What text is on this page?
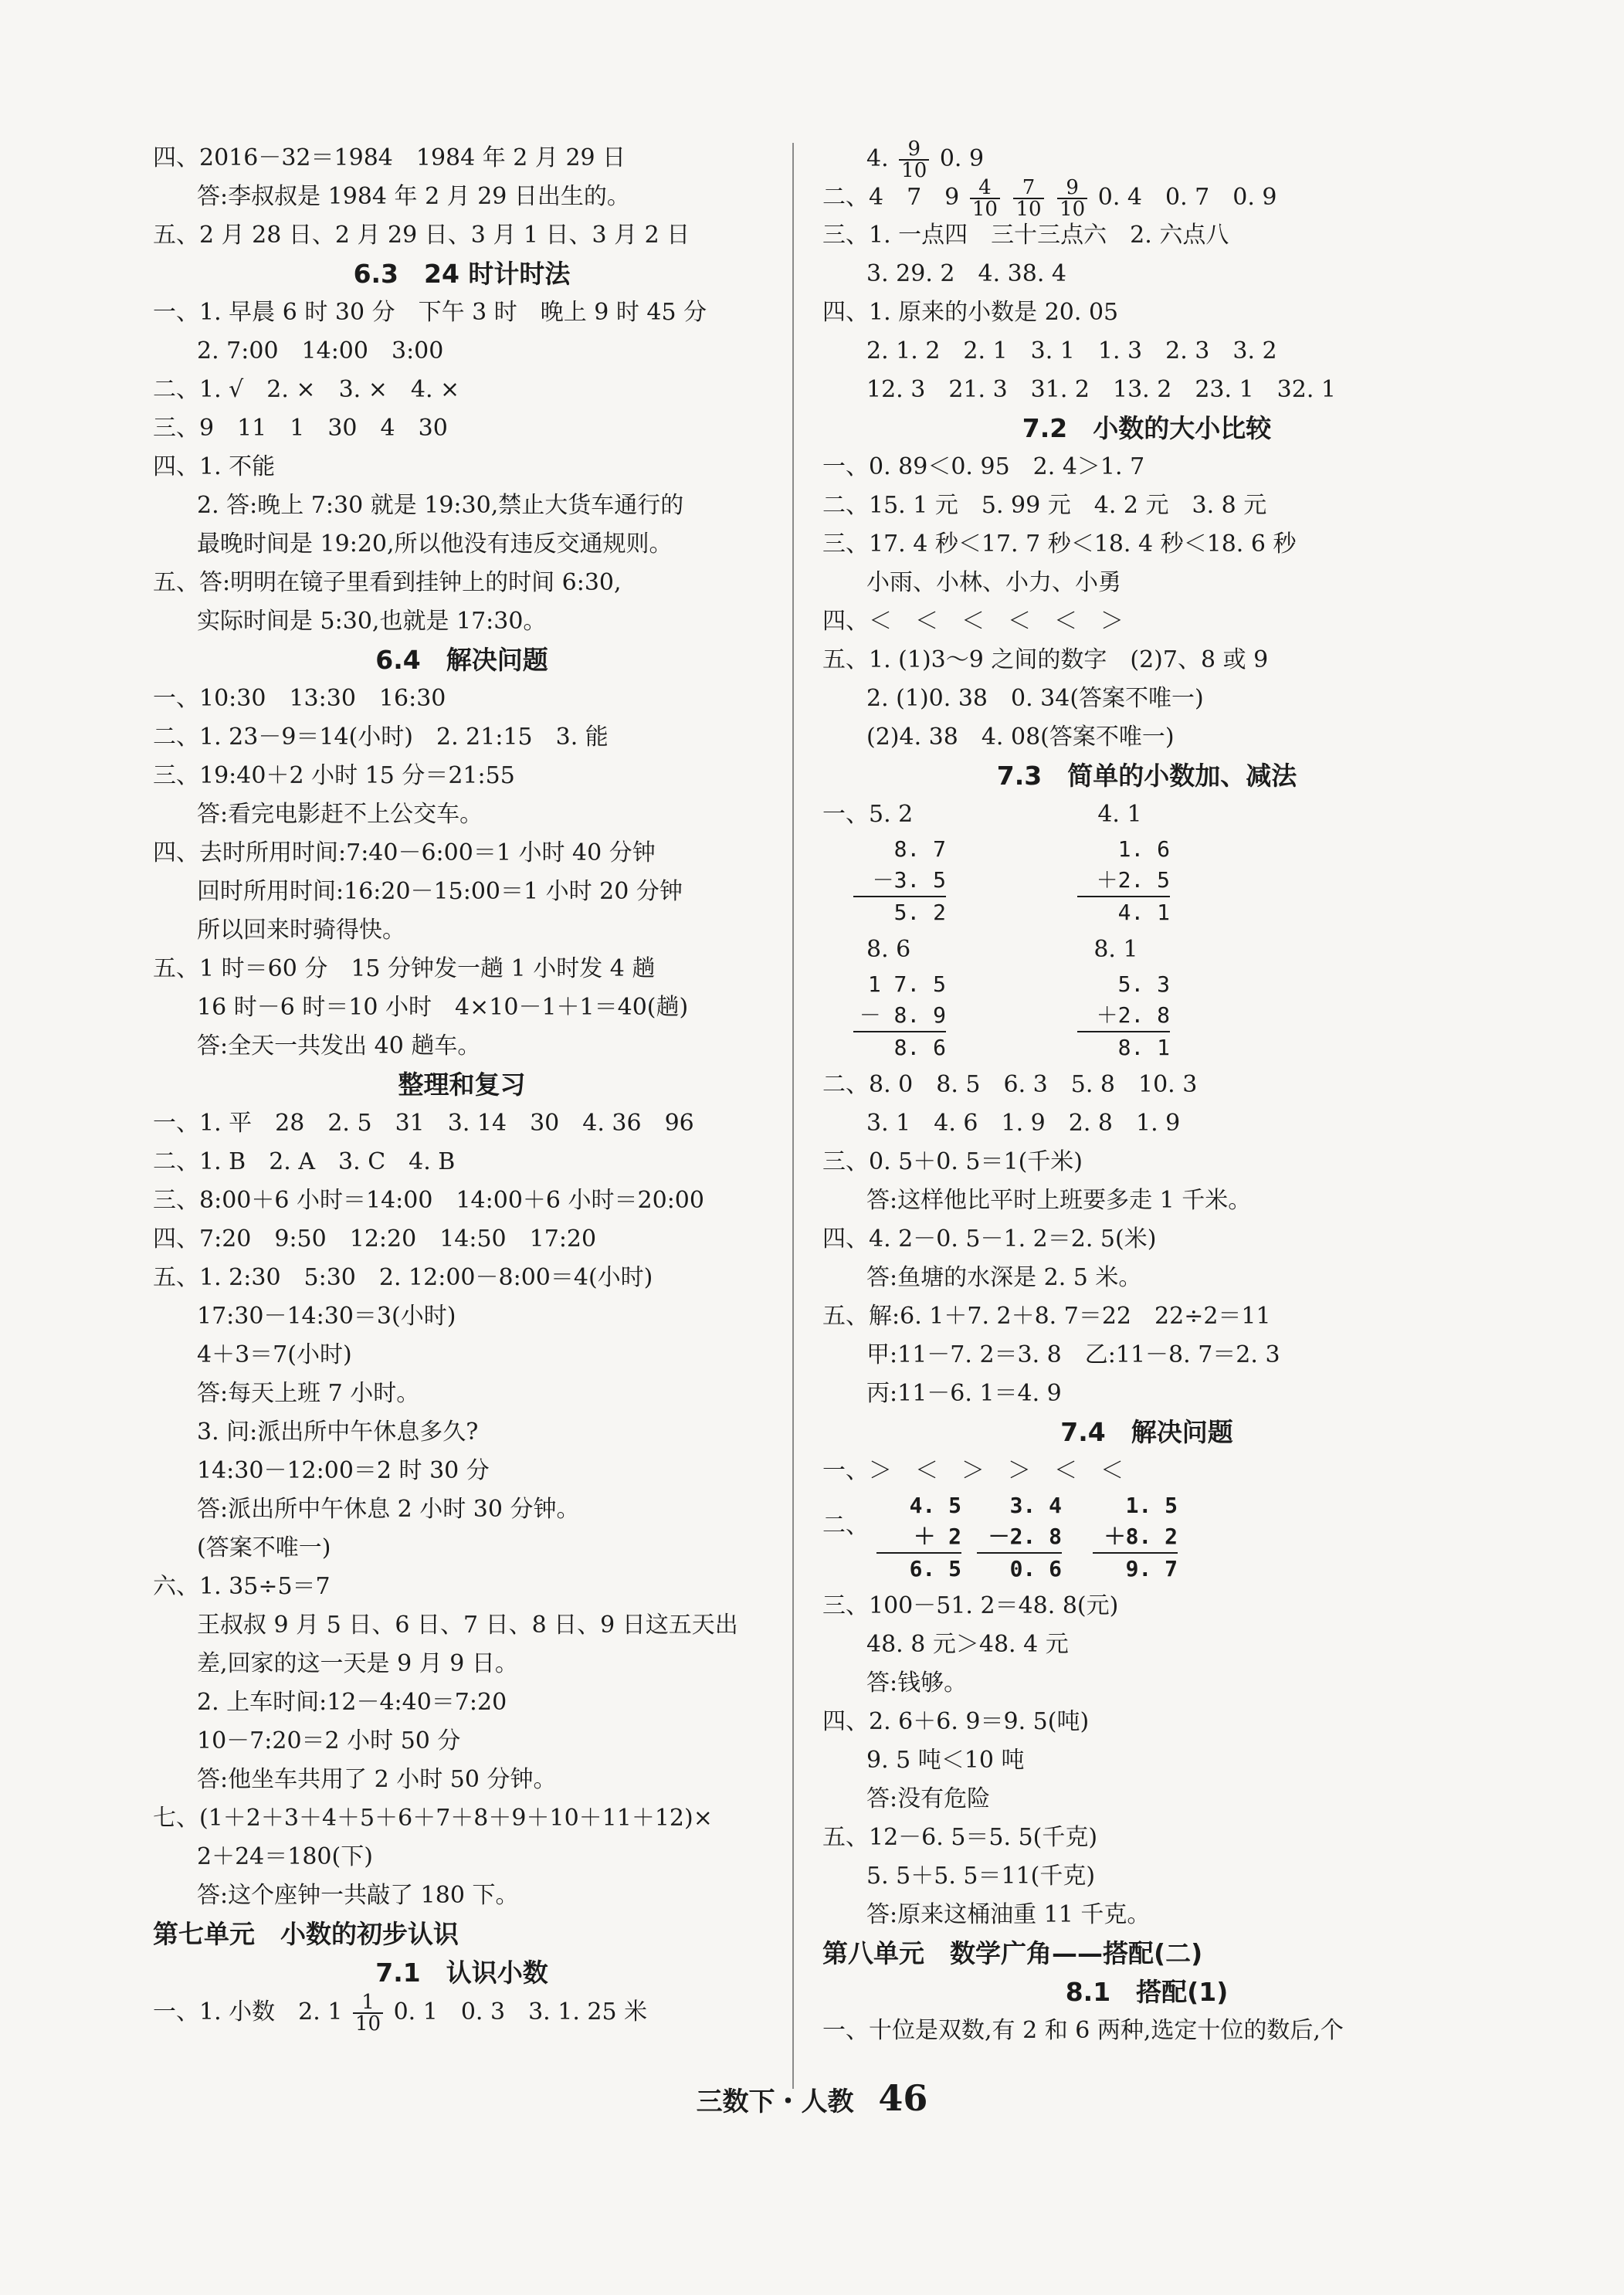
四、2016－32＝1984　1984 年 2 月 29 日
答:李叔叔是 1984 年 2 月 29 日出生的。
五、2 月 28 日、2 月 29 日、3 月 1 日、3 月 2 日
6.3　24 时计时法
一、1. 早晨 6 时 30 分　下午 3 时　晚上 9 时 45 分
2. 7:00　14:00　3:00
二、1. √　2. ×　3. ×　4. ×
三、9　11　1　30　4　30
四、1. 不能
2. 答:晚上 7:30 就是 19:30,禁止大货车通行的
最晚时间是 19:20,所以他没有违反交通规则。
五、答:明明在镜子里看到挂钟上的时间 6:30,
实际时间是 5:30,也就是 17:30。
6.4　解决问题
一、10:30　13:30　16:30
二、1. 23－9＝14(小时)　2. 21:15　3. 能
三、19:40＋2 小时 15 分＝21:55
答:看完电影赶不上公交车。
四、去时所用时间:7:40－6:00＝1 小时 40 分钟
回时所用时间:16:20－15:00＝1 小时 20 分钟
所以回来时骑得快。
五、1 时＝60 分　15 分钟发一趟 1 小时发 4 趟
16 时－6 时＝10 小时　4×10－1＋1＝40(趟)
答:全天一共发出 40 趟车。
整理和复习
一、1. 平　28　2. 5　31　3. 14　30　4. 36　96
二、1. B　2. A　3. C　4. B
三、8:00＋6 小时＝14:00　14:00＋6 小时＝20:00
四、7:20　9:50　12:20　14:50　17:20
五、1. 2:30　5:30　2. 12:00－8:00＝4(小时)
17:30－14:30＝3(小时)
4＋3＝7(小时)
答:每天上班 7 小时。
3. 问:派出所中午休息多久?
14:30－12:00＝2 时 30 分
答:派出所中午休息 2 小时 30 分钟。
(答案不唯一)
六、1. 35÷5＝7
王叔叔 9 月 5 日、6 日、7 日、8 日、9 日这五天出
差,回家的这一天是 9 月 9 日。
2. 上车时间:12－4:40＝7:20
10－7:20＝2 小时 50 分
答:他坐车共用了 2 小时 50 分钟。
七、(1＋2＋3＋4＋5＋6＋7＋8＋9＋10＋11＋12)×
2＋24＝180(下)
答:这个座钟一共敲了 180 下。
第七单元　小数的初步认识
7.1　认识小数
一、1. 小数　2. $1 \frac{1}{10} 0$. 1　0. 3　3. 1. 25 米
4. $\frac{9}{10} 0$. 9
二、4　7　$9 \frac{4}{10}$
$\frac{7}{10}$
$\frac{9}{10} 0$. 4　0. 7　0. 9
三、1. 一点四　三十三点六　2. 六点八
3. 29. 2　4. 38. 4
四、1. 原来的小数是 20. 05
2. 1. 2　2. 1　3. 1　1. 3　2. 3　3. 2
12. 3　21. 3　31. 2　13. 2　23. 1　32. 1
7.2　小数的大小比较
一、0. 89＜0. 95　2. 4＞1. 7
二、15. 1 元　5. 99 元　4. 2 元　3. 8 元
三、17. 4 秒＜17. 7 秒＜18. 4 秒＜18. 6 秒
小雨、小林、小力、小勇
四、＜　＜　＜　＜　＜　＞
五、1. (1)3～9 之间的数字　(2)7、8 或 9
2. (1)0. 38　0. 34(答案不唯一)
(2)4. 38　4. 08(答案不唯一)
7.3　简单的小数加、减法
一、5. 2	4. 1
8. 7
－3. 5
5. 2
1. 6
＋2. 5
4. 1
8. 6	8. 1
1 7. 5
－ 8. 9
8. 6
5. 3
＋2. 8
8. 1
二、8. 0　8. 5　6. 3　5. 8　10. 3
3. 1　4. 6　1. 9　2. 8　1. 9
三、0. 5＋0. 5＝1(千米)
答:这样他比平时上班要多走 1 千米。
四、4. 2－0. 5－1. 2＝2. 5(米)
答:鱼塘的水深是 2. 5 米。
五、解:6. 1＋7. 2＋8. 7＝22　22÷2＝11
甲:11－7. 2＝3. 8　乙:11－8. 7＝2. 3
丙:11－6. 1＝4. 9
7.4　解决问题
一、＞　＜　＞　＞　＜　＜
二、
4. 5
＋ 2
6. 5
3. 4
－2. 8
0. 6
1. 5
＋8. 2
9. 7
三、100－51. 2＝48. 8(元)
48. 8 元＞48. 4 元
答:钱够。
四、2. 6＋6. 9＝9. 5(吨)
9. 5 吨＜10 吨
答:没有危险
五、12－6. 5＝5. 5(千克)
5. 5＋5. 5＝11(千克)
答:原来这桶油重 11 千克。
第八单元　数学广角——搭配(二)
8.1　搭配(1)
一、十位是双数,有 2 和 6 两种,选定十位的数后,个
三数下・人教 46
